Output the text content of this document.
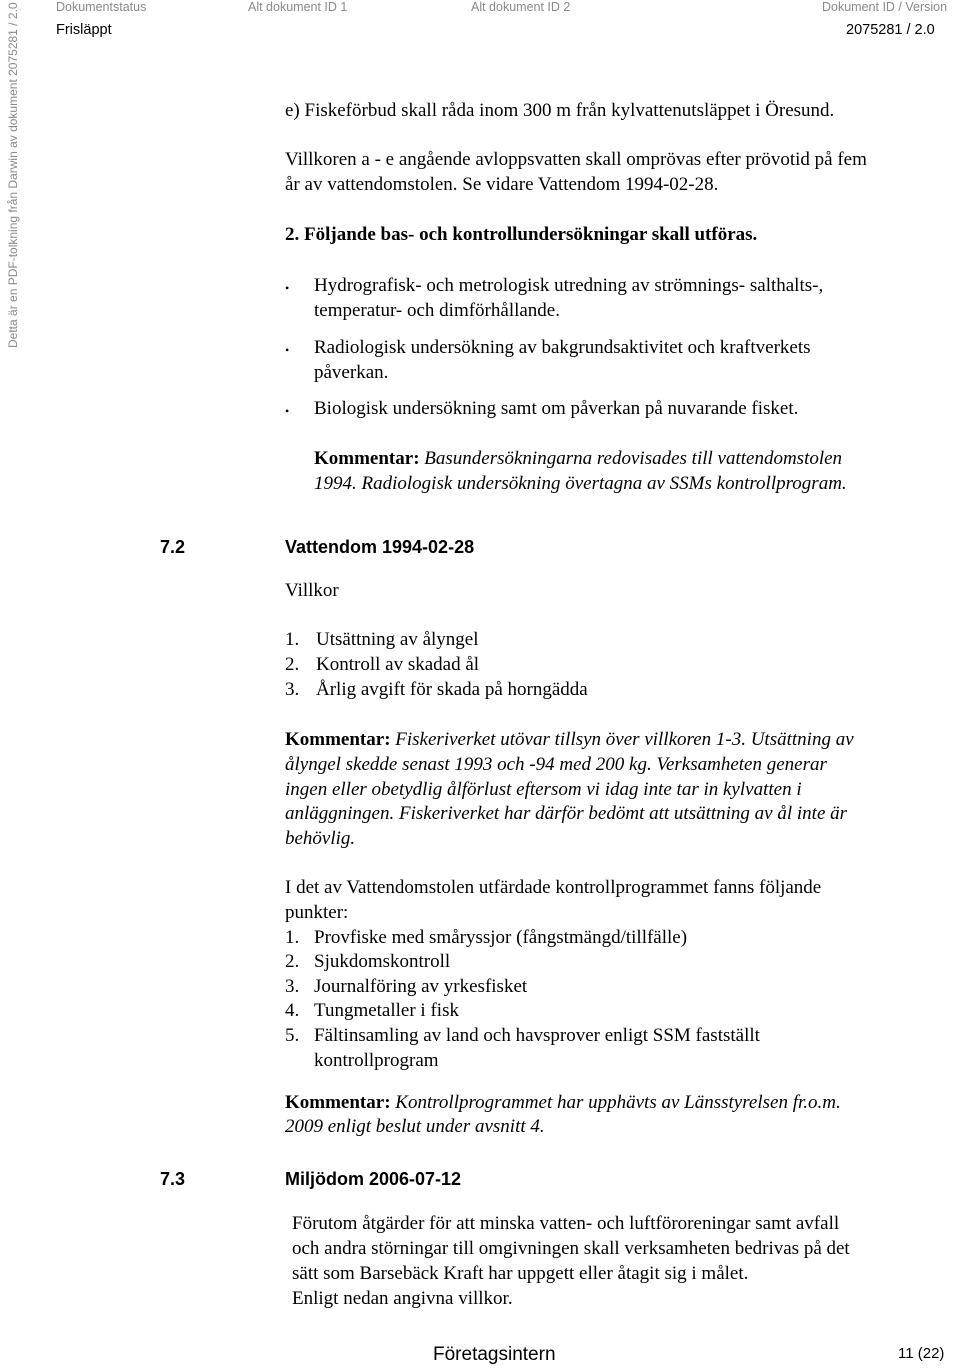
Dokumentstatus	Alt dokument ID 1	Alt dokument ID 2	Dokument ID / Version
Frisläppt	2075281 / 2.0
Detta är en PDF-tolkning från Darwin av dokument 2075281 / 2.0	e) Fiskeförbud skall råda inom 300 m från kylvattenutsläppet i Öresund.
Villkoren a - e angående avloppsvatten skall omprövas efter prövotid på fem
år av vattendomstolen. Se vidare Vattendom 1994-02-28.
2. Följande bas- och kontrollundersökningar skall utföras.
• Hydrografisk- och metrologisk utredning av strömnings- salthalts-,
temperatur- och dimförhållande.
• Radiologisk undersökning av bakgrundsaktivitet och kraftverkets
påverkan.
• Biologisk undersökning samt om påverkan på nuvarande fisket.
Kommentar: Basundersökningarna redovisades till vattendomstolen
1994. Radiologisk undersökning övertagna av SSMs kontrollprogram.
7.2	Vattendom 1994-02-28
Villkor
1. Utsättning av ålyngel
2. Kontroll av skadad ål
3. Årlig avgift för skada på horngädda
Kommentar: Fiskeriverket utövar tillsyn över villkoren 1-3. Utsättning av
ålyngel skedde senast 1993 och -94 med 200 kg. Verksamheten generar
ingen eller obetydlig ålförlust eftersom vi idag inte tar in kylvatten i
anläggningen. Fiskeriverket har därför bedömt att utsättning av ål inte är
behövlig.
I det av Vattendomstolen utfärdade kontrollprogrammet fanns följande
punkter:
1. Provfiske med småryssjor (fångstmängd/tillfälle)
2. Sjukdomskontroll
3. Journalföring av yrkesfisket
4. Tungmetaller i fisk
5. Fältinsamling av land och havsprover enligt SSM fastställt
kontrollprogram
Kommentar: Kontrollprogrammet har upphävts av Länsstyrelsen fr.o.m.
2009 enligt beslut under avsnitt 4.
7.3	Miljödom 2006-07-12
Förutom åtgärder för att minska vatten- och luftföroreningar samt avfall
och andra störningar till omgivningen skall verksamheten bedrivas på det
sätt som Barsebäck Kraft har uppgett eller åtagit sig i målet.
Enligt nedan angivna villkor.
Företagsintern	11 (22)
